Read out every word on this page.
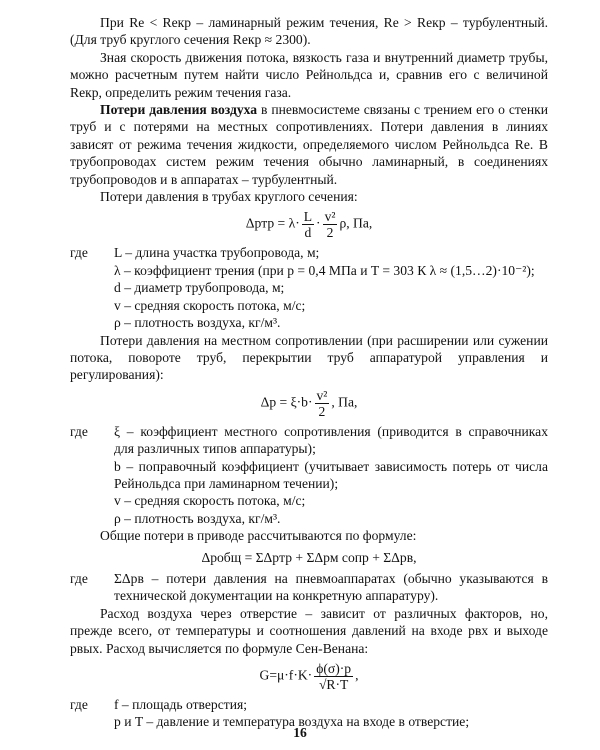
При Re < Reкр – ламинарный режим течения, Re > Reкр – турбулентный. (Для труб круглого сечения Reкр ≈ 2300).

Зная скорость движения потока, вязкость газа и внутренний диаметр трубы, можно расчетным путем найти число Рейнольдса и, сравнив его с величиной Reкр, определить режим течения газа.

Потери давления воздуха в пневмосистеме связаны с трением его о стенки труб и с потерями на местных сопротивлениях. Потери давления в линиях зависят от режима течения жидкости, определяемого числом Рейнольдса Re. В трубопроводах систем режим течения обычно ламинарный, в соединениях трубопроводов и в аппаратах – турбулентный.

Потери давления в трубах круглого сечения:

$\Delta pтр = \lambda\cdot \frac{L}{d} \cdot \frac{\text{v²}}{2} \rho$, Па,
где	L – длина участка трубопровода, м;

λ – коэффициент трения (при p = 0,4 МПа и T = 303 К λ ≈ (1,5…2)·10⁻²);

d – диаметр трубопровода, м;

v – средняя скорость потока, м/с;

ρ – плотность воздуха, кг/м³.

Потери давления на местном сопротивлении (при расширении или сужении потока, повороте труб, перекрытии труб аппаратурой управления и регулирования):

$\Delta p = \xi\cdot b\cdot \frac{\text{v²}}{2}$ , Па,
где	ξ – коэффициент местного сопротивления (приводится в справочниках для различных типов аппаратуры);

b – поправочный коэффициент (учитывает зависимость потерь от числа Рейнольдса при ламинарном течении);

v – средняя скорость потока, м/с;

ρ – плотность воздуха, кг/м³.

Общие потери в приводе рассчитываются по формуле:

Δpобщ = ΣΔpтр + ΣΔpм сопр + ΣΔpв,
где	ΣΔpв – потери давления на пневмоаппаратах (обычно указываются в технической документации на конкретную аппаратуру).

Расход воздуха через отверстие – зависит от различных факторов, но, прежде всего, от температуры и соотношения давлений на входе pвх и выходе pвых. Расход вычисляется по формуле Сен-Венана:

$G=\mu\cdot f\cdot K\cdot \frac{\phi(\sigma)\cdot p}{√R\cdot T}$ ,
где	f – площадь отверстия;

p и T – давление и температура воздуха на входе в отверстие;

16
